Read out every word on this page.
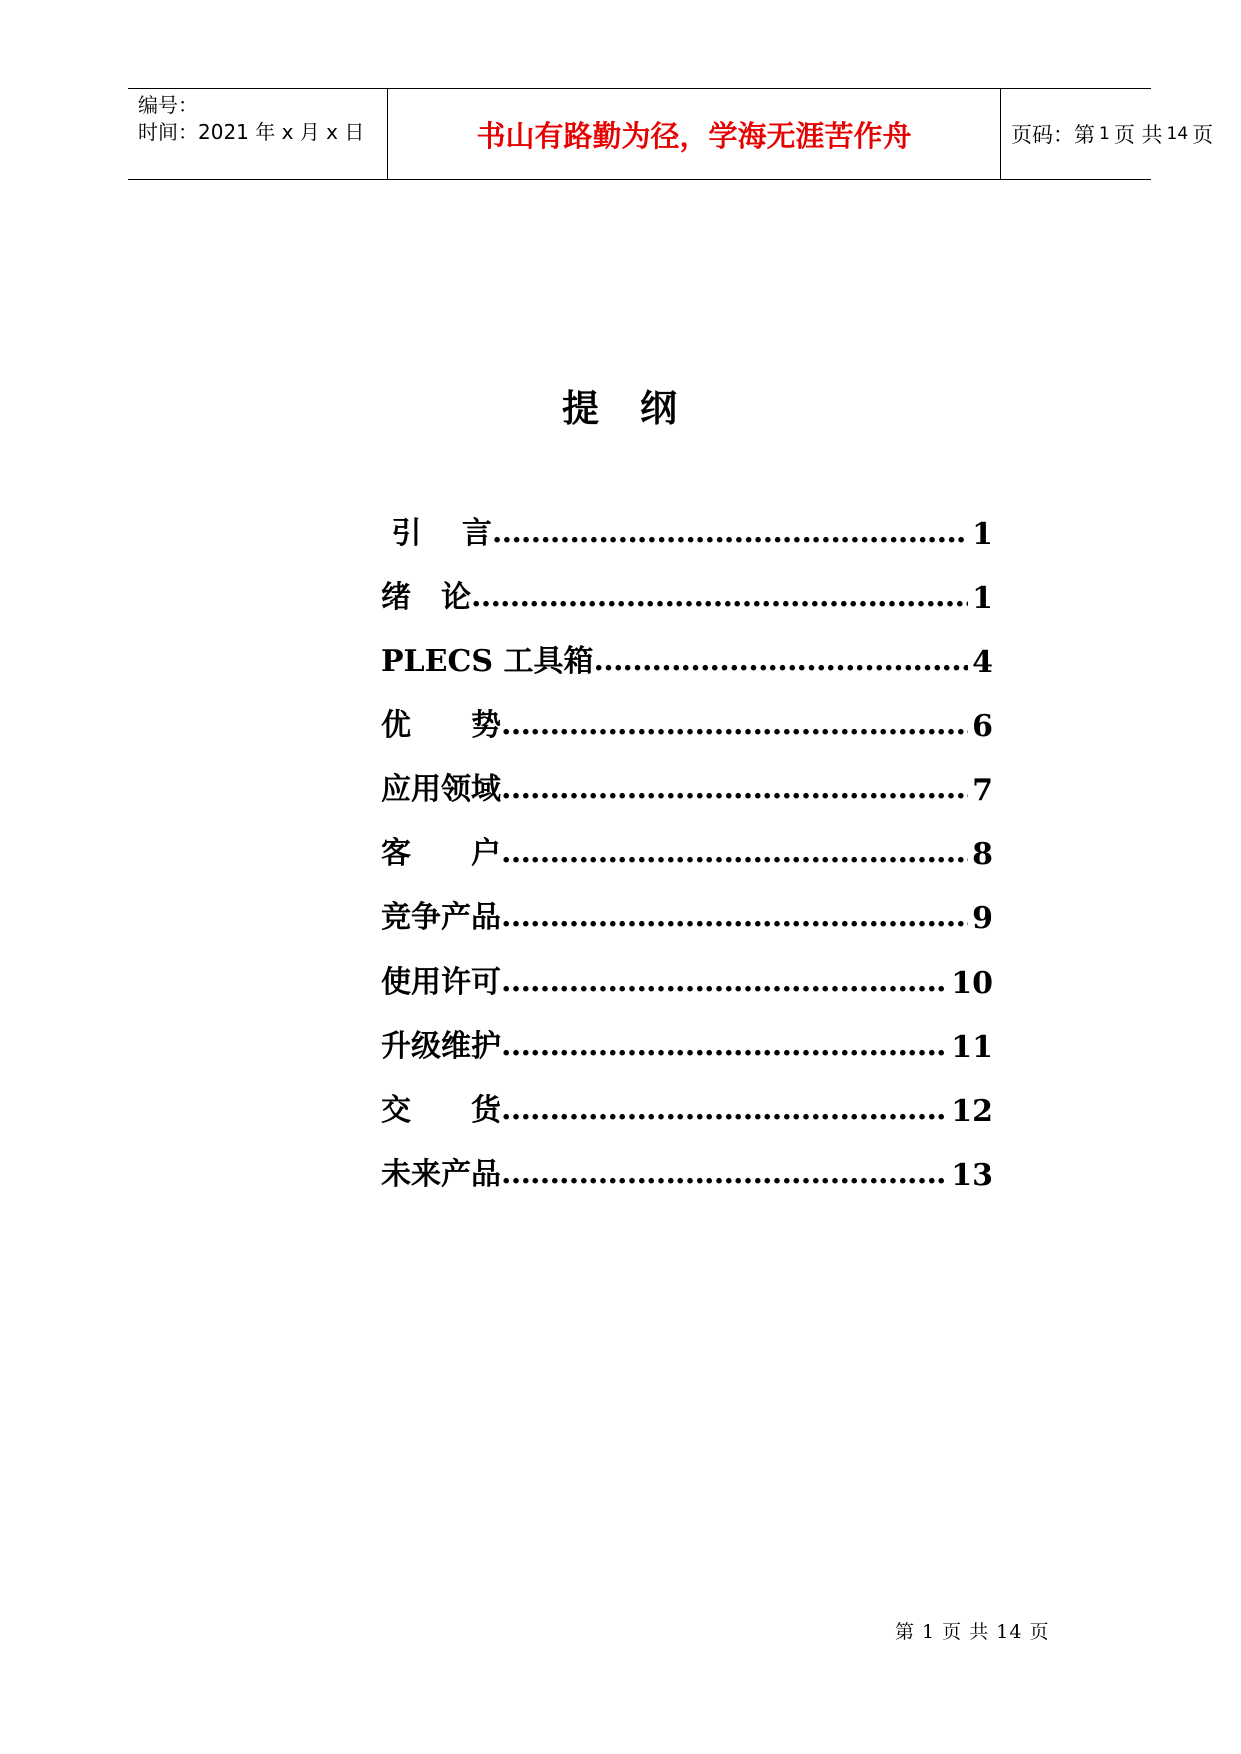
编号：
时间：2021 年 x 月 x 日	书山有路勤为径，学海无涯苦作舟	页码：第 1 页 共 14 页
提　纲
引　 言 ……………………………………………………………………………………………	1
绪　论 ……………………………………………………………………………………………	1
PLECS 工具箱 ……………………………………………………………………………………………	4
优　　势 ……………………………………………………………………………………………	6
应用领域 ……………………………………………………………………………………………	7
客　　户 ……………………………………………………………………………………………	8
竞争产品 ……………………………………………………………………………………………	9
使用许可 ……………………………………………………………………………………………	10
升级维护 ……………………………………………………………………………………………	11
交　　货 ……………………………………………………………………………………………	12
未来产品 ……………………………………………………………………………………………	13
第 1 页 共 14 页
